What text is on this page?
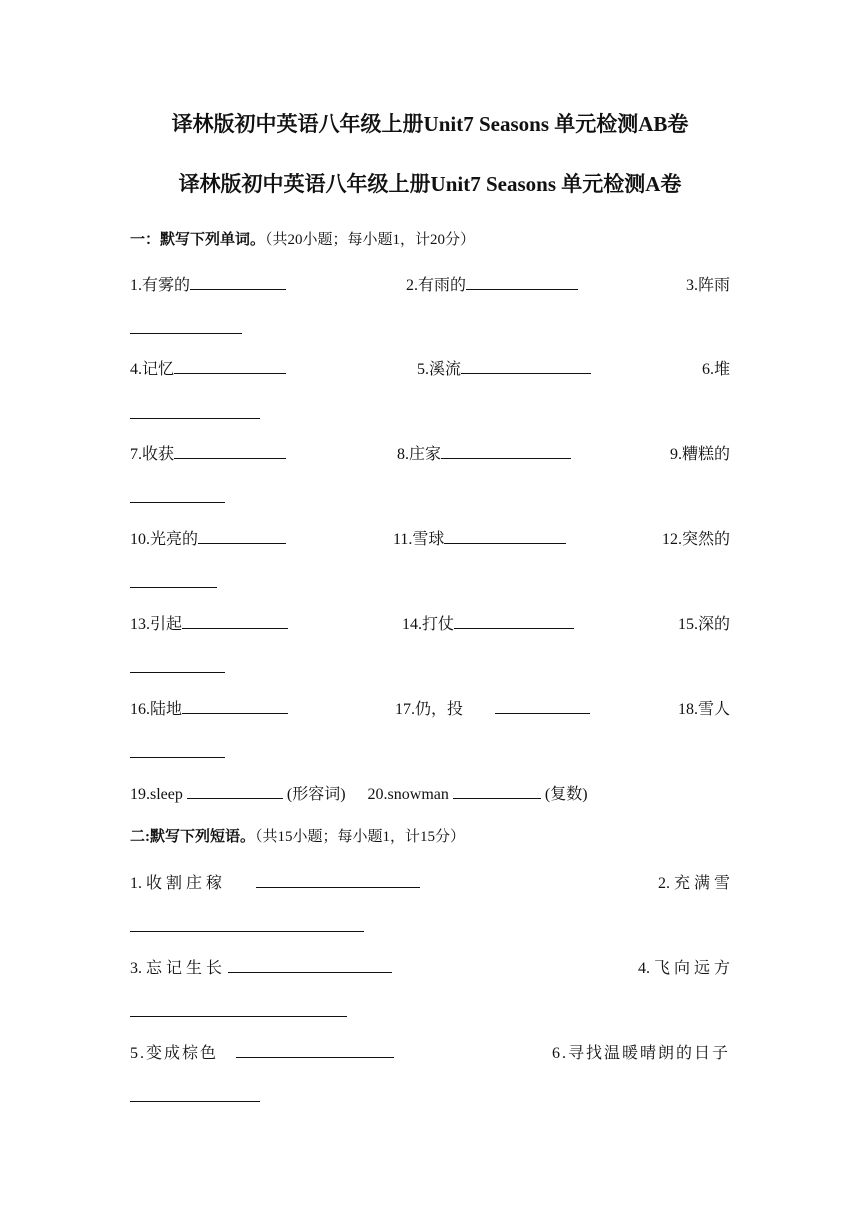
译林版初中英语八年级上册Unit7 Seasons 单元检测AB卷
译林版初中英语八年级上册Unit7 Seasons 单元检测A卷
一：默写下列单词。（共20小题；每小题1，计20分）
1.有雾的	2.有雨的	3.阵雨
4.记忆	5.溪流	6.堆
7.收获	8.庄家	9.糟糕的
10.光亮的	11.雪球	12.突然的
13.引起	14.打仗	15.深的
16.陆地	17.仍，投	18.雪人
19.sleep	(形容词) 20.snowman	(复数)
二:默写下列短语。（共15小题；每小题1，计15分）
1. 收 割 庄 稼	2. 充 满 雪
3. 忘 记 生 长	4. 飞 向 远 方
5.变成棕色	6.寻找温暖晴朗的日子
